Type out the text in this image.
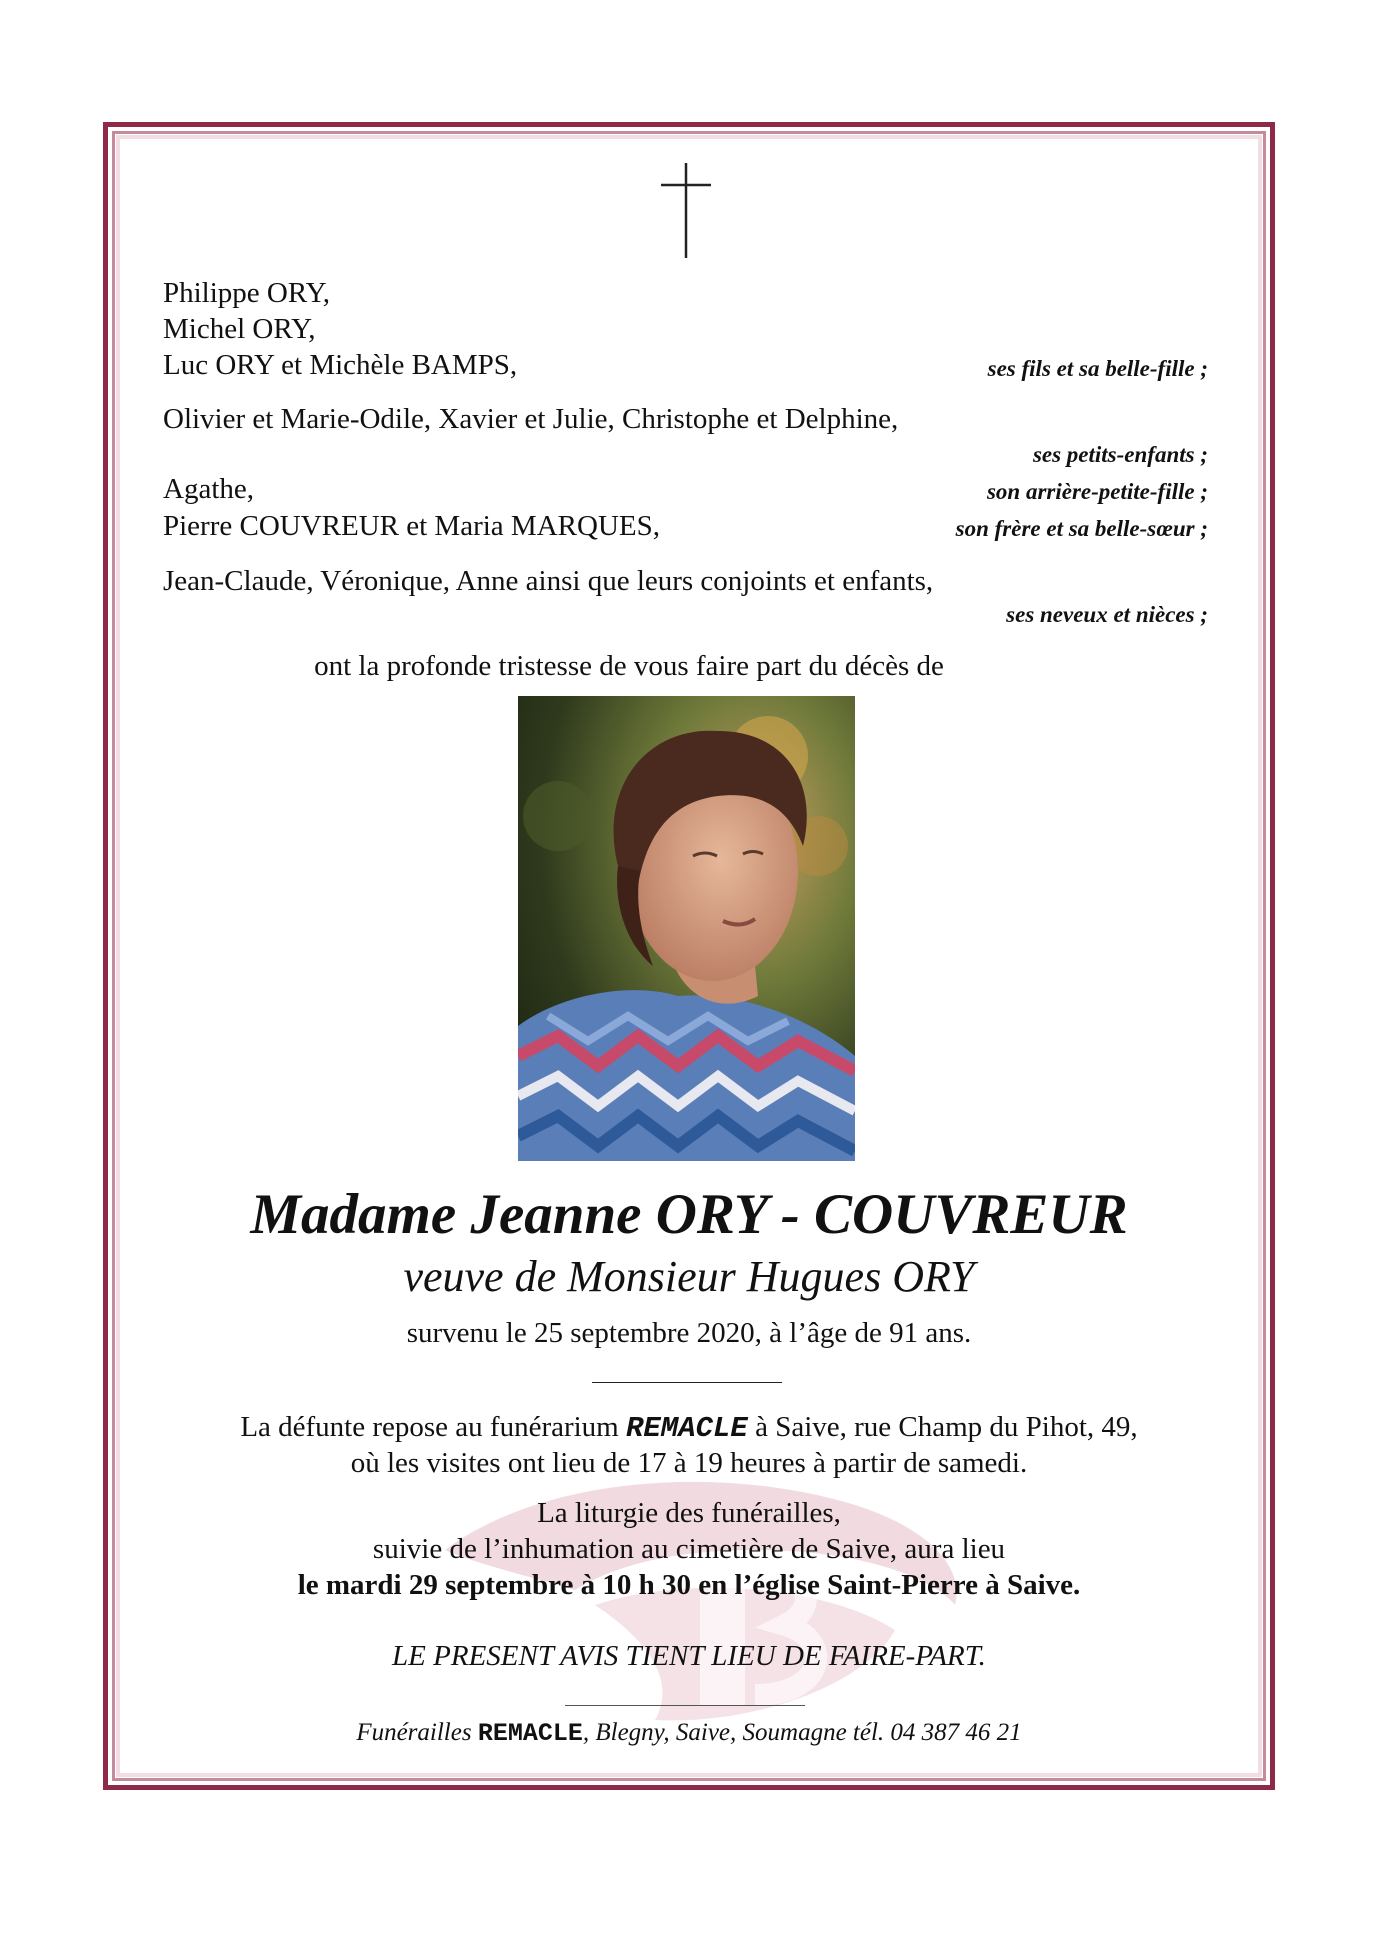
Philippe ORY,
Michel ORY,
Luc ORY et Michèle BAMPS,	ses fils et sa belle-fille ;
Olivier et Marie-Odile, Xavier et Julie, Christophe et Delphine,
ses petits-enfants ;
Agathe,	son arrière-petite-fille ;
Pierre COUVREUR et Maria MARQUES,	son frère et sa belle-sœur ;
Jean-Claude, Véronique, Anne ainsi que leurs conjoints et enfants,
ses neveux et nièces ;
ont la profonde tristesse de vous faire part du décès de
Madame Jeanne ORY - COUVREUR
veuve de Monsieur Hugues ORY
survenu le 25 septembre 2020, à l’âge de 91 ans.
La défunte repose au funérarium REMACLE à Saive, rue Champ du Pihot, 49,
où les visites ont lieu de 17 à 19 heures à partir de samedi.
La liturgie des funérailles,
suivie de l’inhumation au cimetière de Saive, aura lieu
le mardi 29 septembre à 10 h 30 en l’église Saint-Pierre à Saive.
LE PRESENT AVIS TIENT LIEU DE FAIRE-PART.
Funérailles REMACLE, Blegny, Saive, Soumagne tél. 04 387 46 21
